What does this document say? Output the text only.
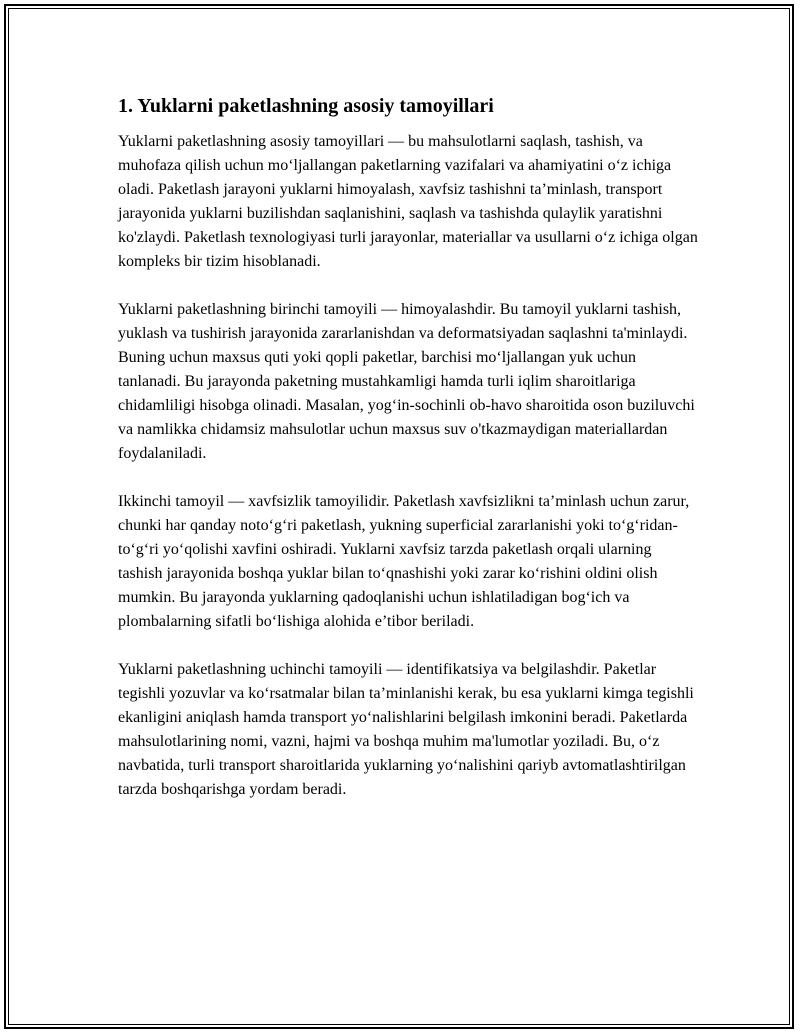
1. Yuklarni paketlashning asosiy tamoyillari

Yuklarni paketlashning asosiy tamoyillari — bu mahsulotlarni saqlash, tashish, va muhofaza qilish uchun moʻljallangan paketlarning vazifalari va ahamiyatini oʻz ichiga oladi. Paketlash jarayoni yuklarni himoyalash, xavfsiz tashishni ta’minlash, transport jarayonida yuklarni buzilishdan saqlanishini, saqlash va tashishda qulaylik yaratishni ko'zlaydi. Paketlash texnologiyasi turli jarayonlar, materiallar va usullarni oʻz ichiga olgan kompleks bir tizim hisoblanadi.

Yuklarni paketlashning birinchi tamoyili — himoyalashdir. Bu tamoyil yuklarni tashish, yuklash va tushirish jarayonida zararlanishdan va deformatsiyadan saqlashni ta'minlaydi. Buning uchun maxsus quti yoki qopli paketlar, barchisi moʻljallangan yuk uchun tanlanadi. Bu jarayonda paketning mustahkamligi hamda turli iqlim sharoitlariga chidamliligi hisobga olinadi. Masalan, yogʻin-sochinli ob-havo sharoitida oson buziluvchi va namlikka chidamsiz mahsulotlar uchun maxsus suv o'tkazmaydigan materiallardan foydalaniladi.

Ikkinchi tamoyil — xavfsizlik tamoyilidir. Paketlash xavfsizlikni ta’minlash uchun zarur, chunki har qanday notoʻgʻri paketlash, yukning superficial zararlanishi yoki toʻgʻridan-toʻgʻri yoʻqolishi xavfini oshiradi. Yuklarni xavfsiz tarzda paketlash orqali ularning tashish jarayonida boshqa yuklar bilan toʻqnashishi yoki zarar koʻrishini oldini olish mumkin. Bu jarayonda yuklarning qadoqlanishi uchun ishlatiladigan bogʻich va plombalarning sifatli boʻlishiga alohida e’tibor beriladi.

Yuklarni paketlashning uchinchi tamoyili — identifikatsiya va belgilashdir. Paketlar tegishli yozuvlar va koʻrsatmalar bilan ta’minlanishi kerak, bu esa yuklarni kimga tegishli ekanligini aniqlash hamda transport yoʻnalishlarini belgilash imkonini beradi. Paketlarda mahsulotlarining nomi, vazni, hajmi va boshqa muhim ma'lumotlar yoziladi. Bu, oʻz navbatida, turli transport sharoitlarida yuklarning yoʻnalishini qariyb avtomatlashtirilgan tarzda boshqarishga yordam beradi.
